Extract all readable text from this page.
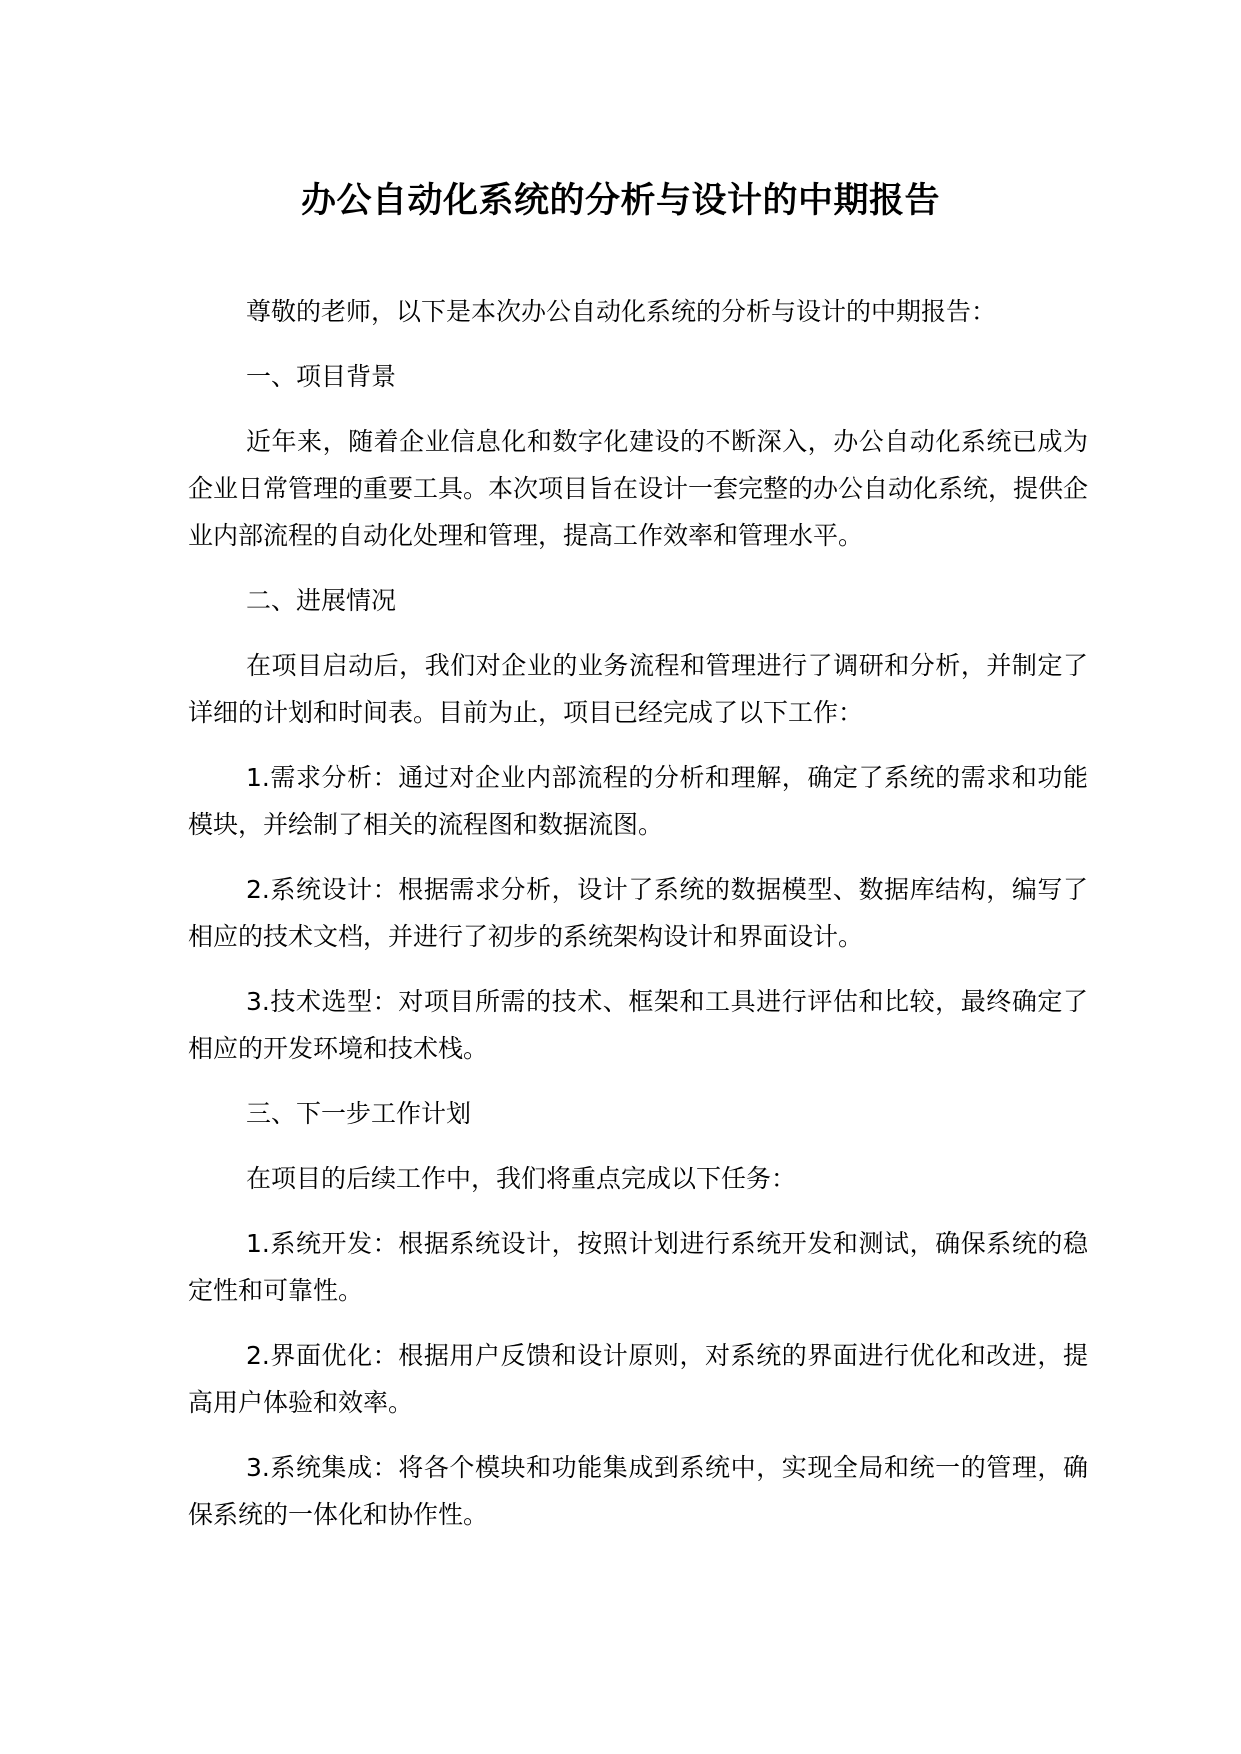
办公自动化系统的分析与设计的中期报告

尊敬的老师，以下是本次办公自动化系统的分析与设计的中期报告：

一、项目背景

近年来，随着企业信息化和数字化建设的不断深入，办公自动化系统已成为企业日常管理的重要工具。本次项目旨在设计一套完整的办公自动化系统，提供企业内部流程的自动化处理和管理，提高工作效率和管理水平。

二、进展情况

在项目启动后，我们对企业的业务流程和管理进行了调研和分析，并制定了详细的计划和时间表。目前为止，项目已经完成了以下工作：

1.需求分析：通过对企业内部流程的分析和理解，确定了系统的需求和功能模块，并绘制了相关的流程图和数据流图。

2.系统设计：根据需求分析，设计了系统的数据模型、数据库结构，编写了相应的技术文档，并进行了初步的系统架构设计和界面设计。

3.技术选型：对项目所需的技术、框架和工具进行评估和比较，最终确定了相应的开发环境和技术栈。

三、下一步工作计划

在项目的后续工作中，我们将重点完成以下任务：

1.系统开发：根据系统设计，按照计划进行系统开发和测试，确保系统的稳定性和可靠性。

2.界面优化：根据用户反馈和设计原则，对系统的界面进行优化和改进，提高用户体验和效率。

3.系统集成：将各个模块和功能集成到系统中，实现全局和统一的管理，确保系统的一体化和协作性。
